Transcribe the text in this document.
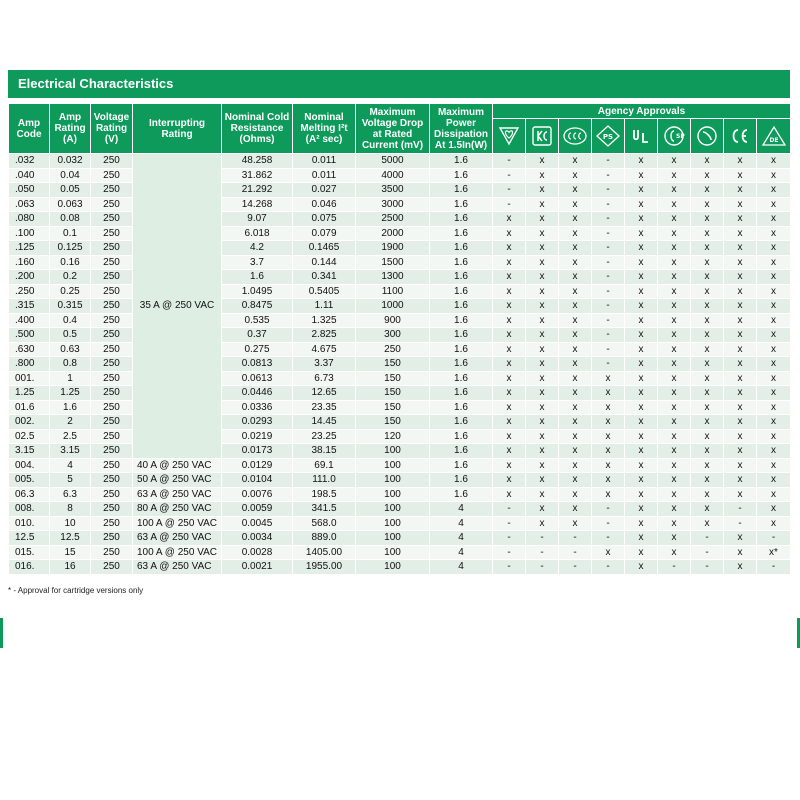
Electrical Characteristics
Amp Code	Amp Rating (A)	Voltage Rating (V)	Interrupting Rating	Nominal Cold Resistance (Ohms)	Nominal Melting I²t (A² sec)	Maximum Voltage Drop at Rated Current (mV)	Maximum Power Dissipation At 1.5In(W)	Agency Approvals								

PS		SP			DE

.032	0.032	250	35 A @ 250 VAC	48.258	0.011	5000	1.6	-	x	x	-	x	x	x	x	x
.040	0.04	250		31.862	0.011	4000	1.6	-	x	x	-	x	x	x	x	x
.050	0.05	250		21.292	0.027	3500	1.6	-	x	x	-	x	x	x	x	x
.063	0.063	250		14.268	0.046	3000	1.6	-	x	x	-	x	x	x	x	x
.080	0.08	250		9.07	0.075	2500	1.6	x	x	x	-	x	x	x	x	x
.100	0.1	250		6.018	0.079	2000	1.6	x	x	x	-	x	x	x	x	x
.125	0.125	250		4.2	0.1465	1900	1.6	x	x	x	-	x	x	x	x	x
.160	0.16	250		3.7	0.144	1500	1.6	x	x	x	-	x	x	x	x	x
.200	0.2	250		1.6	0.341	1300	1.6	x	x	x	-	x	x	x	x	x
.250	0.25	250		1.0495	0.5405	1100	1.6	x	x	x	-	x	x	x	x	x
.315	0.315	250		0.8475	1.11	1000	1.6	x	x	x	-	x	x	x	x	x
.400	0.4	250		0.535	1.325	900	1.6	x	x	x	-	x	x	x	x	x
.500	0.5	250		0.37	2.825	300	1.6	x	x	x	-	x	x	x	x	x
.630	0.63	250		0.275	4.675	250	1.6	x	x	x	-	x	x	x	x	x
.800	0.8	250		0.0813	3.37	150	1.6	x	x	x	-	x	x	x	x	x
001.	1	250		0.0613	6.73	150	1.6	x	x	x	x	x	x	x	x	x
1.25	1.25	250		0.0446	12.65	150	1.6	x	x	x	x	x	x	x	x	x
01.6	1.6	250		0.0336	23.35	150	1.6	x	x	x	x	x	x	x	x	x
002.	2	250		0.0293	14.45	150	1.6	x	x	x	x	x	x	x	x	x
02.5	2.5	250		0.0219	23.25	120	1.6	x	x	x	x	x	x	x	x	x
3.15	3.15	250		0.0173	38.15	100	1.6	x	x	x	x	x	x	x	x	x
004.	4	250	40 A @ 250 VAC	0.0129	69.1	100	1.6	x	x	x	x	x	x	x	x	x
005.	5	250	50 A @ 250 VAC	0.0104	111.0	100	1.6	x	x	x	x	x	x	x	x	x
06.3	6.3	250	63 A @ 250 VAC	0.0076	198.5	100	1.6	x	x	x	x	x	x	x	x	x
008.	8	250	80 A @ 250 VAC	0.0059	341.5	100	4	-	x	x	-	x	x	x	-	x
010.	10	250	100 A @ 250 VAC	0.0045	568.0	100	4	-	x	x	-	x	x	x	-	x
12.5	12.5	250	63 A @ 250 VAC	0.0034	889.0	100	4	-	-	-	-	x	x	-	x	-
015.	15	250	100 A @ 250 VAC	0.0028	1405.00	100	4	-	-	-	x	x	x	-	x	x*
016.	16	250	63 A @ 250 VAC	0.0021	1955.00	100	4	-	-	-	-	x	-	-	x	-
* - Approval for cartridge versions only
